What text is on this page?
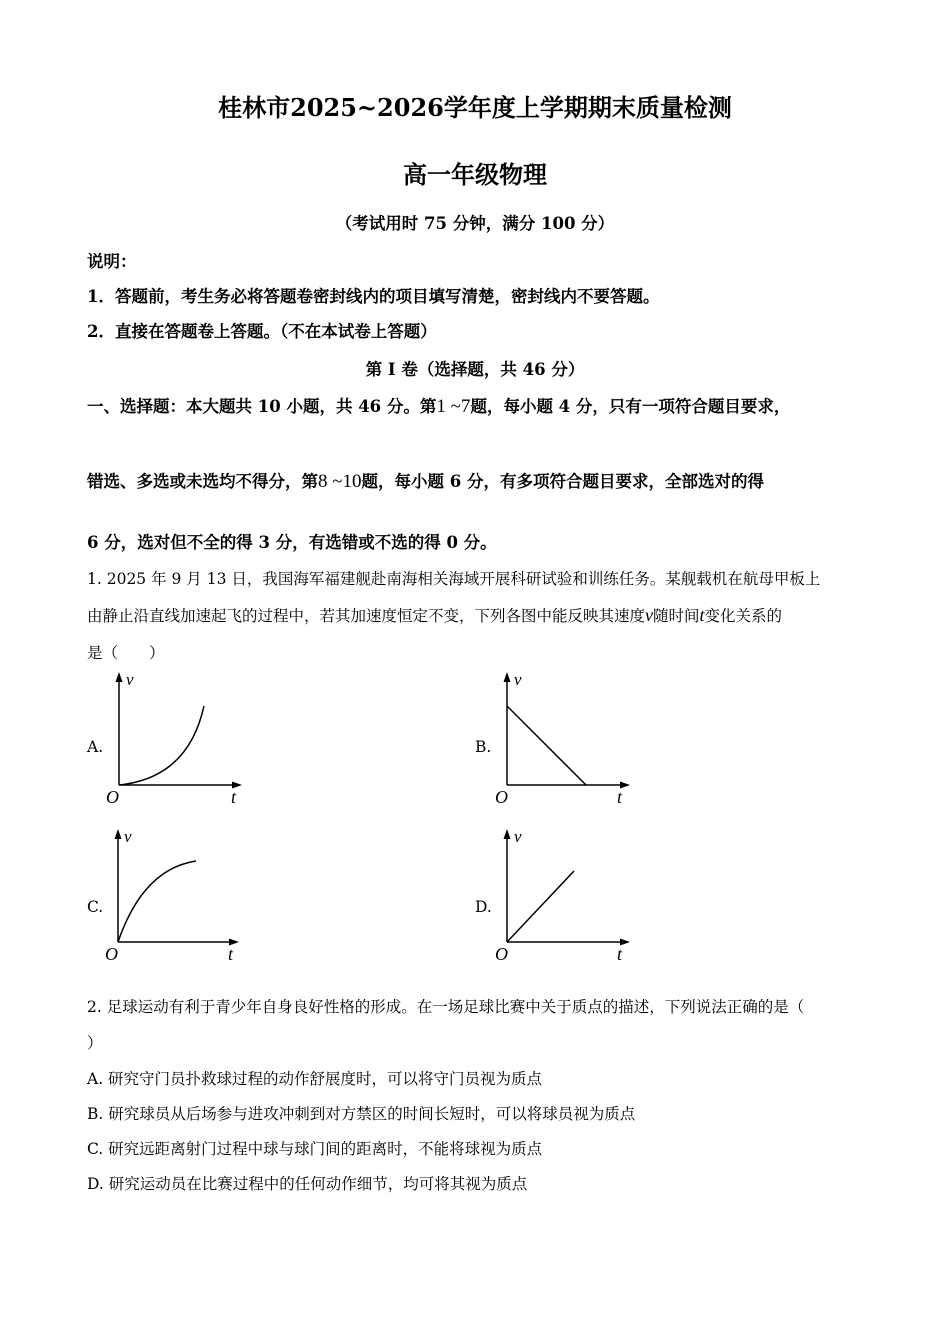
桂林市2025~2026学年度上学期期末质量检测
高一年级物理
（考试用时 75 分钟，满分 100 分）
说明：
1．答题前，考生务必将答题卷密封线内的项目填写清楚，密封线内不要答题。
2．直接在答题卷上答题。（不在本试卷上答题）
第 I 卷（选择题，共 46 分）
一、选择题：本大题共 10 小题，共 46 分。第1 ~7题，每小题 4 分，只有一项符合题目要求，
错选、多选或未选均不得分，第8 ~10题，每小题 6 分，有多项符合题目要求，全部选对的得
6 分，选对但不全的得 3 分，有选错或不选的得 0 分。
1. 2025 年 9 月 13 日，我国海军福建舰赴南海相关海域开展科研试验和训练任务。某舰载机在航母甲板上
由静止沿直线加速起飞的过程中，若其加速度恒定不变，下列各图中能反映其速度v随时间t变化关系的
是（　　）
A.
v
t
O
B.
v
t
O
C.
v
t
O
D.
v
t
O
2. 足球运动有利于青少年自身良好性格的形成。在一场足球比赛中关于质点的描述，下列说法正确的是（
）
A. 研究守门员扑救球过程的动作舒展度时，可以将守门员视为质点
B. 研究球员从后场参与进攻冲刺到对方禁区的时间长短时，可以将球员视为质点
C. 研究远距离射门过程中球与球门间的距离时，不能将球视为质点
D. 研究运动员在比赛过程中的任何动作细节，均可将其视为质点
